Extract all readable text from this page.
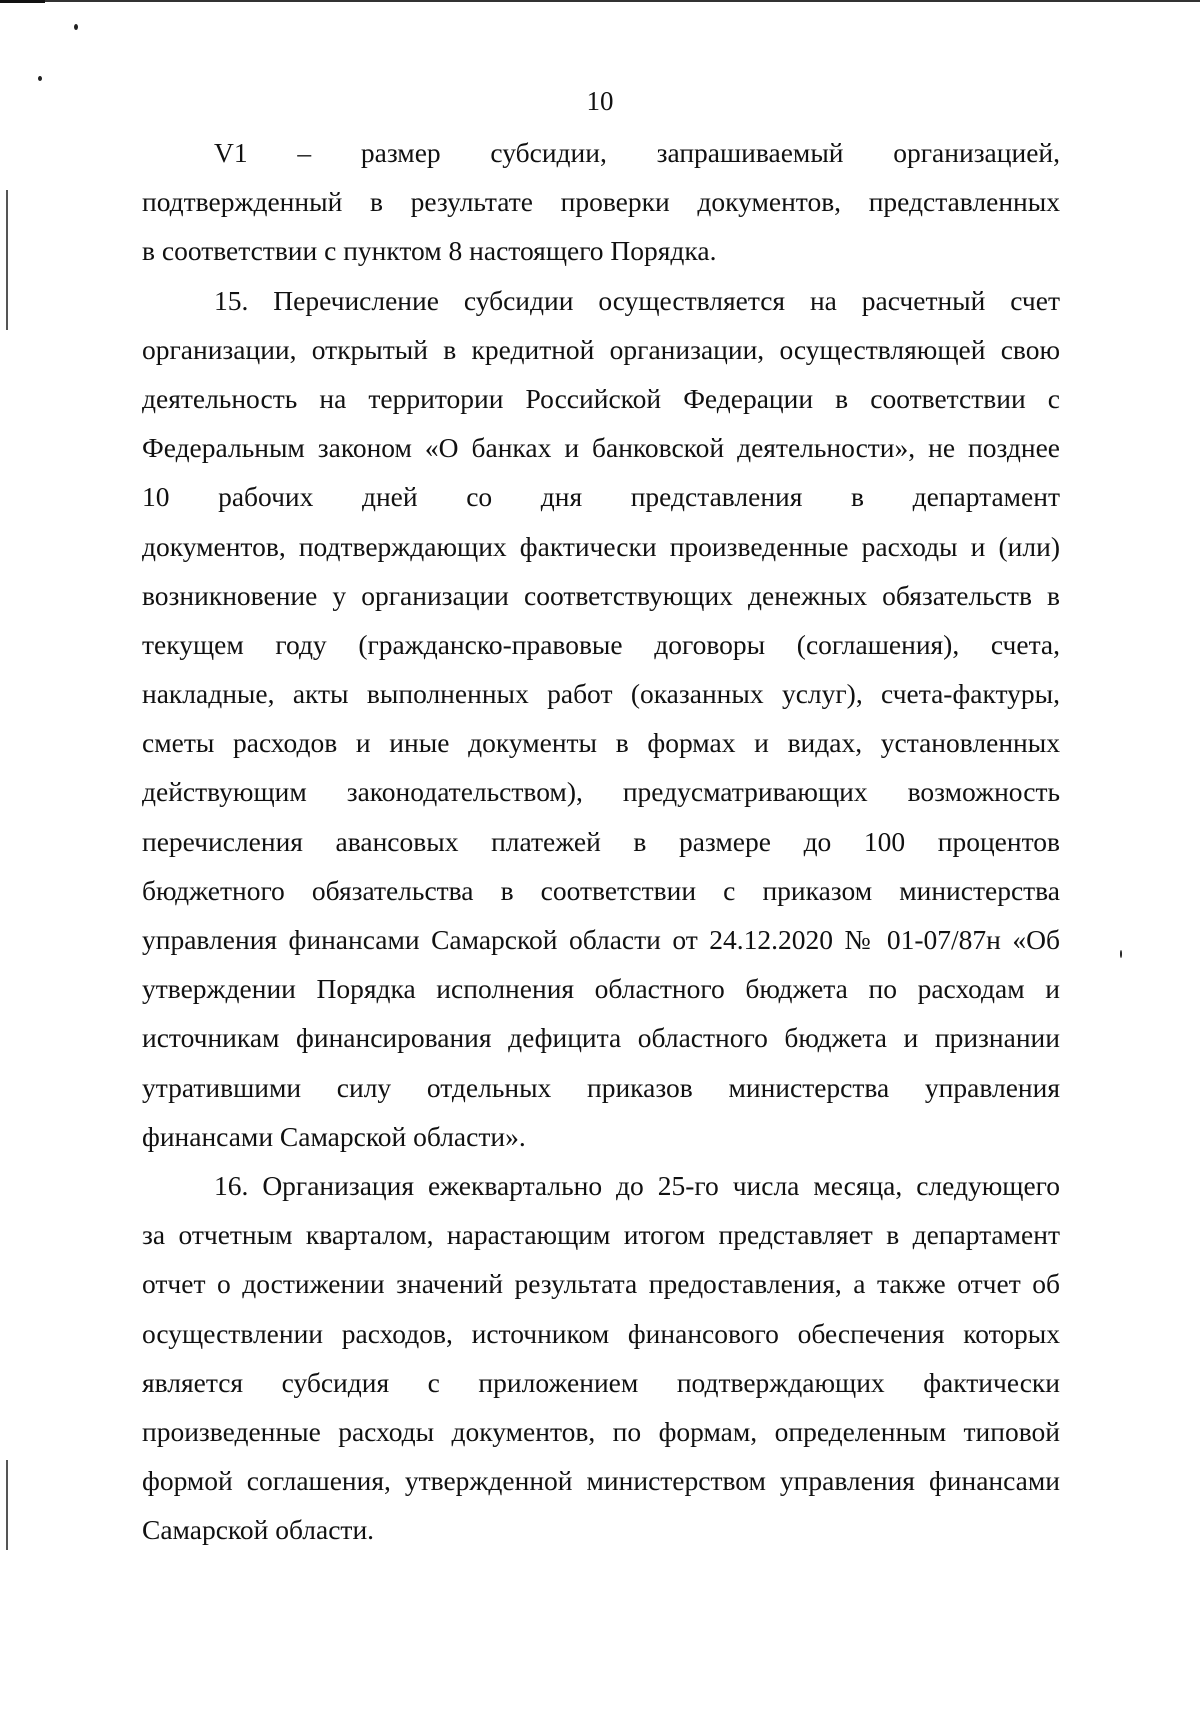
10
V1 – размер субсидии, запрашиваемый организацией,
подтвержденный в результате проверки документов, представленных
в соответствии с пунктом 8 настоящего Порядка.
15. Перечисление субсидии осуществляется на расчетный счет
организации, открытый в кредитной организации, осуществляющей свою
деятельность на территории Российской Федерации в соответствии с
Федеральным законом «О банках и банковской деятельности», не позднее
10 рабочих дней со дня представления в департамент
документов, подтверждающих фактически произведенные расходы и (или)
возникновение у организации соответствующих денежных обязательств в
текущем году (гражданско-правовые договоры (соглашения), счета,
накладные, акты выполненных работ (оказанных услуг), счета-фактуры,
сметы расходов и иные документы в формах и видах, установленных
действующим законодательством), предусматривающих возможность
перечисления авансовых платежей в размере до 100 процентов
бюджетного обязательства в соответствии с приказом министерства
управления финансами Самарской области от 24.12.2020 № 01-07/87н «Об
утверждении Порядка исполнения областного бюджета по расходам и
источникам финансирования дефицита областного бюджета и признании
утратившими силу отдельных приказов министерства управления
финансами Самарской области».
16. Организация ежеквартально до 25-го числа месяца, следующего
за отчетным кварталом, нарастающим итогом представляет в департамент
отчет о достижении значений результата предоставления, а также отчет об
осуществлении расходов, источником финансового обеспечения которых
является субсидия с приложением подтверждающих фактически
произведенные расходы документов, по формам, определенным типовой
формой соглашения, утвержденной министерством управления финансами
Самарской области.
